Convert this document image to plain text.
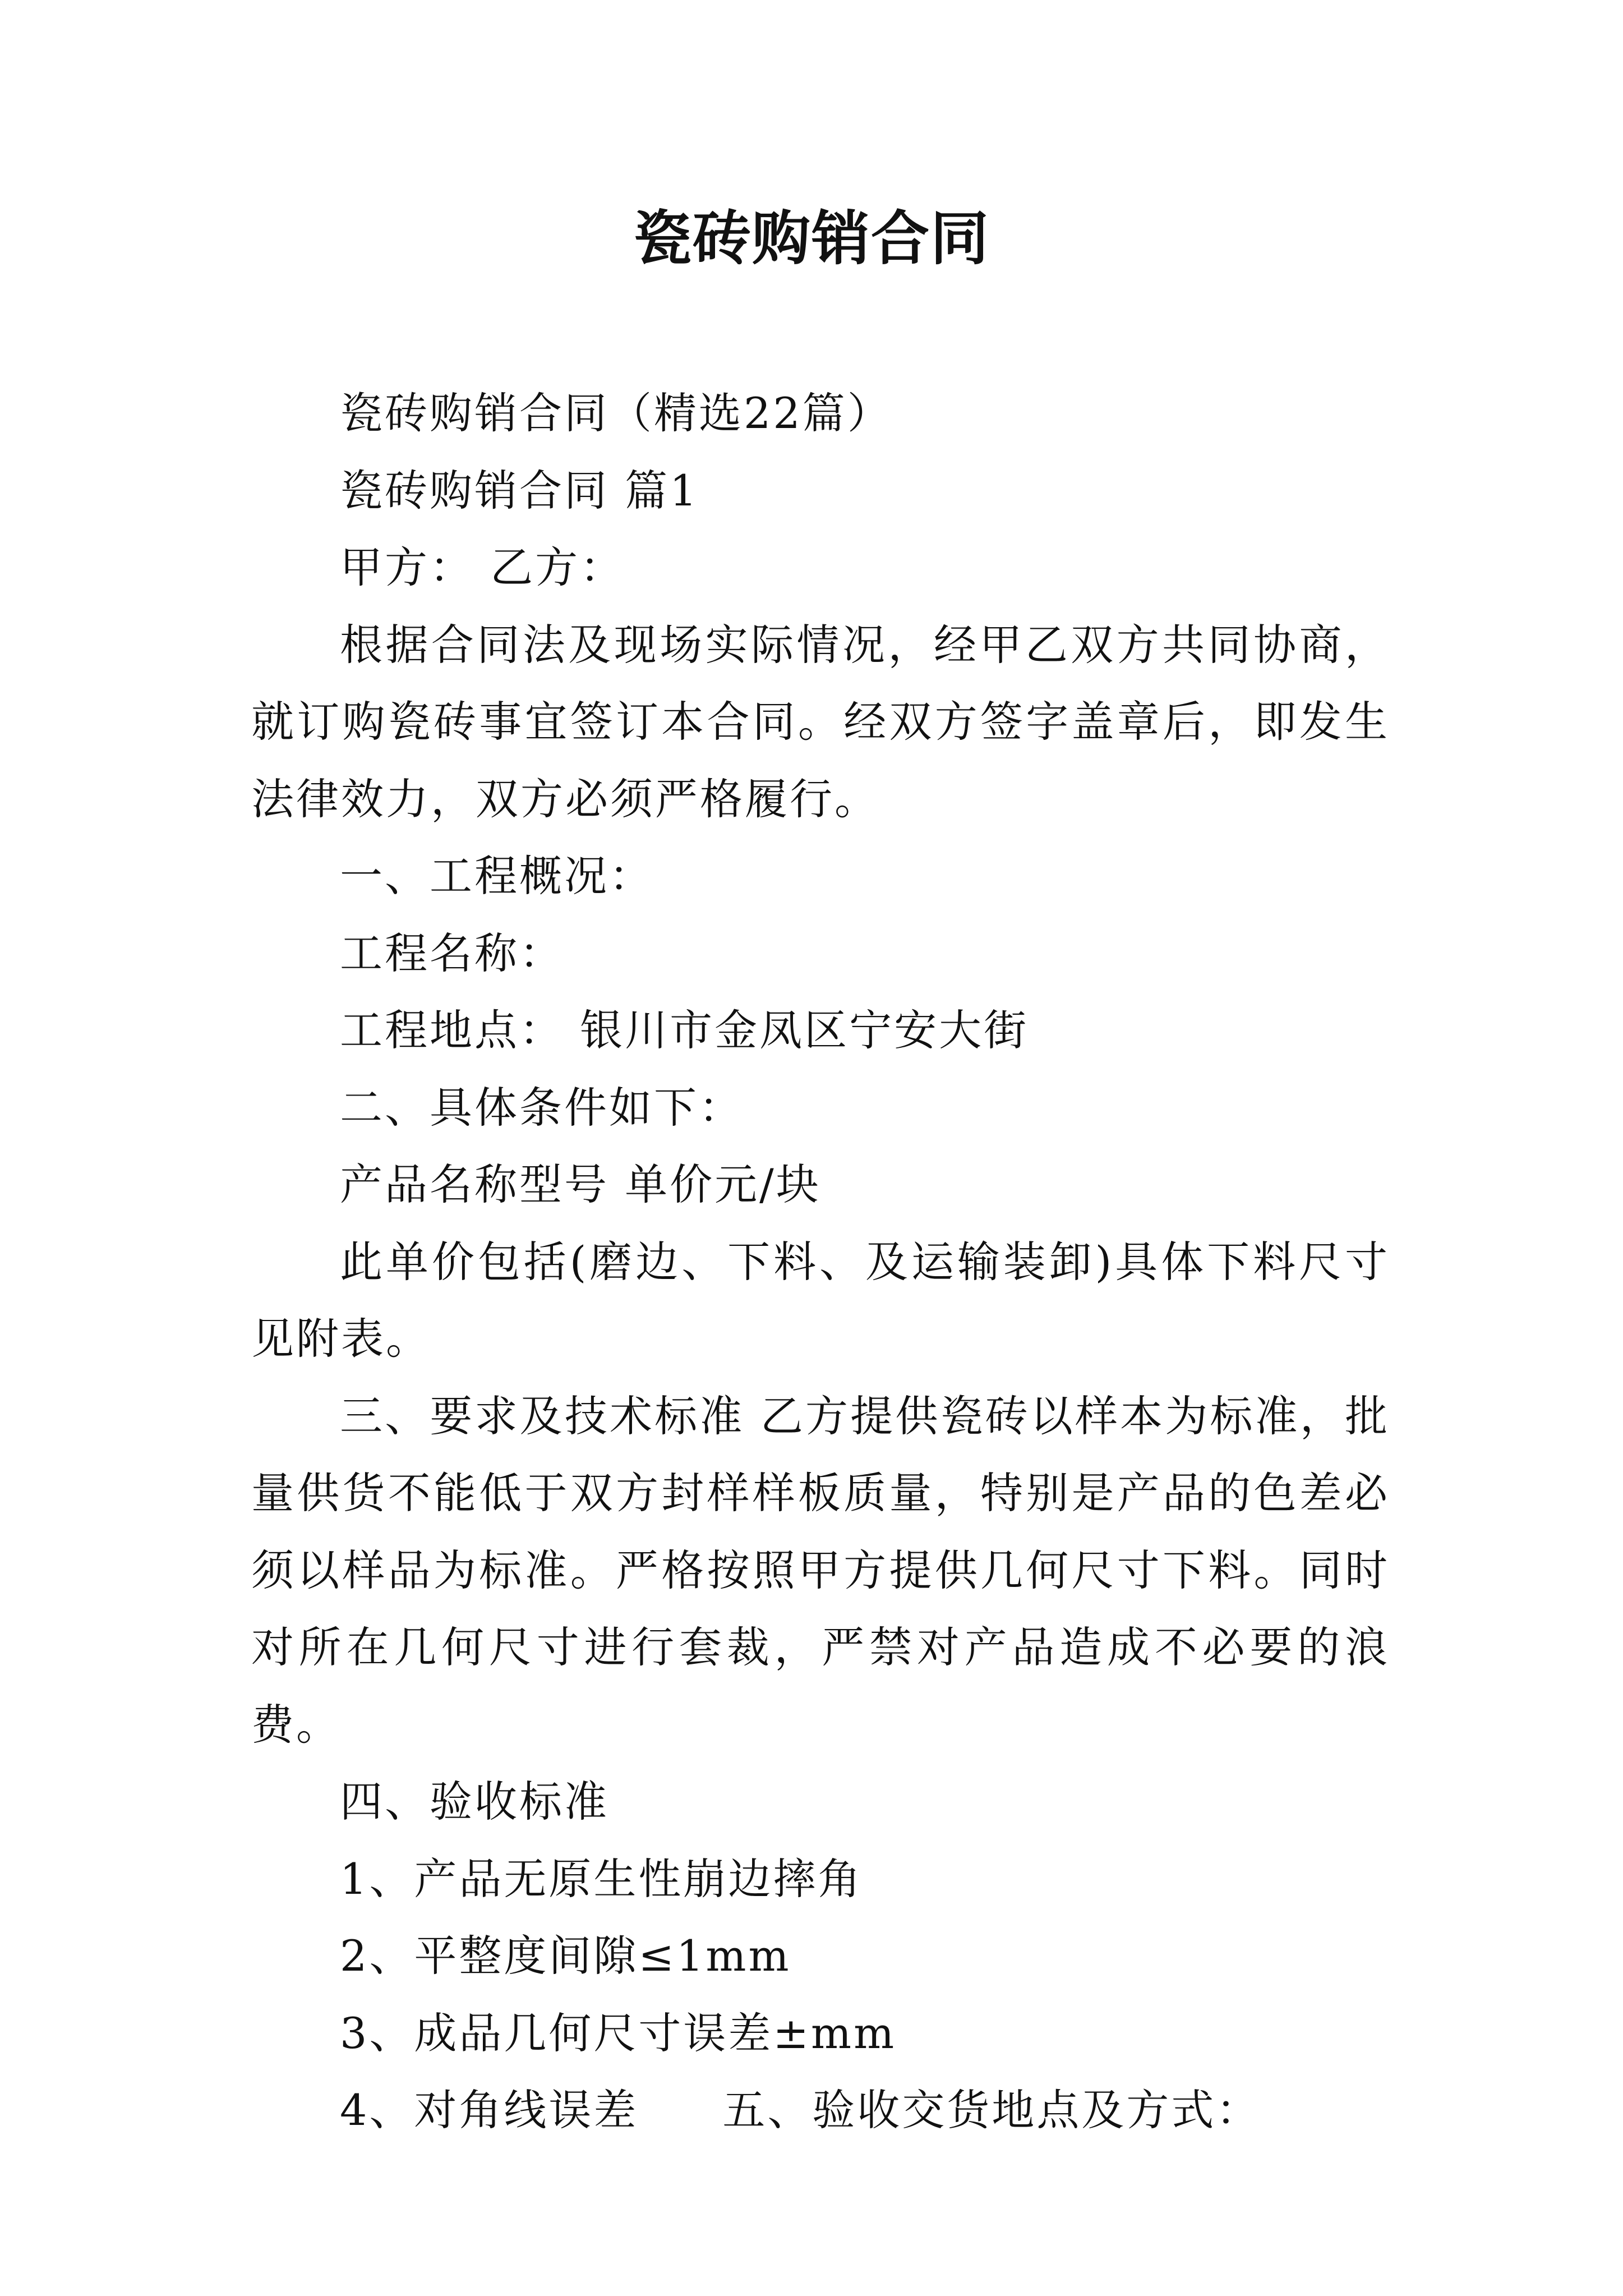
瓷砖购销合同

瓷砖购销合同（精选22篇）

瓷砖购销合同 篇1

甲方： 乙方：

根据合同法及现场实际情况，经甲乙双方共同协商，就订购瓷砖事宜签订本合同。经双方签字盖章后，即发生法律效力，双方必须严格履行。

一、工程概况：

工程名称：

工程地点： 银川市金凤区宁安大街

二、具体条件如下：

产品名称型号 单价元/块

此单价包括(磨边、下料、及运输装卸)具体下料尺寸见附表。

三、要求及技术标准 乙方提供瓷砖以样本为标准，批量供货不能低于双方封样样板质量，特别是产品的色差必须以样品为标准。严格按照甲方提供几何尺寸下料。同时对所在几何尺寸进行套裁，严禁对产品造成不必要的浪费。

四、验收标准

1、产品无原生性崩边摔角

2、平整度间隙≤1mm

3、成品几何尺寸误差±mm

4、对角线误差 五、验收交货地点及方式：
